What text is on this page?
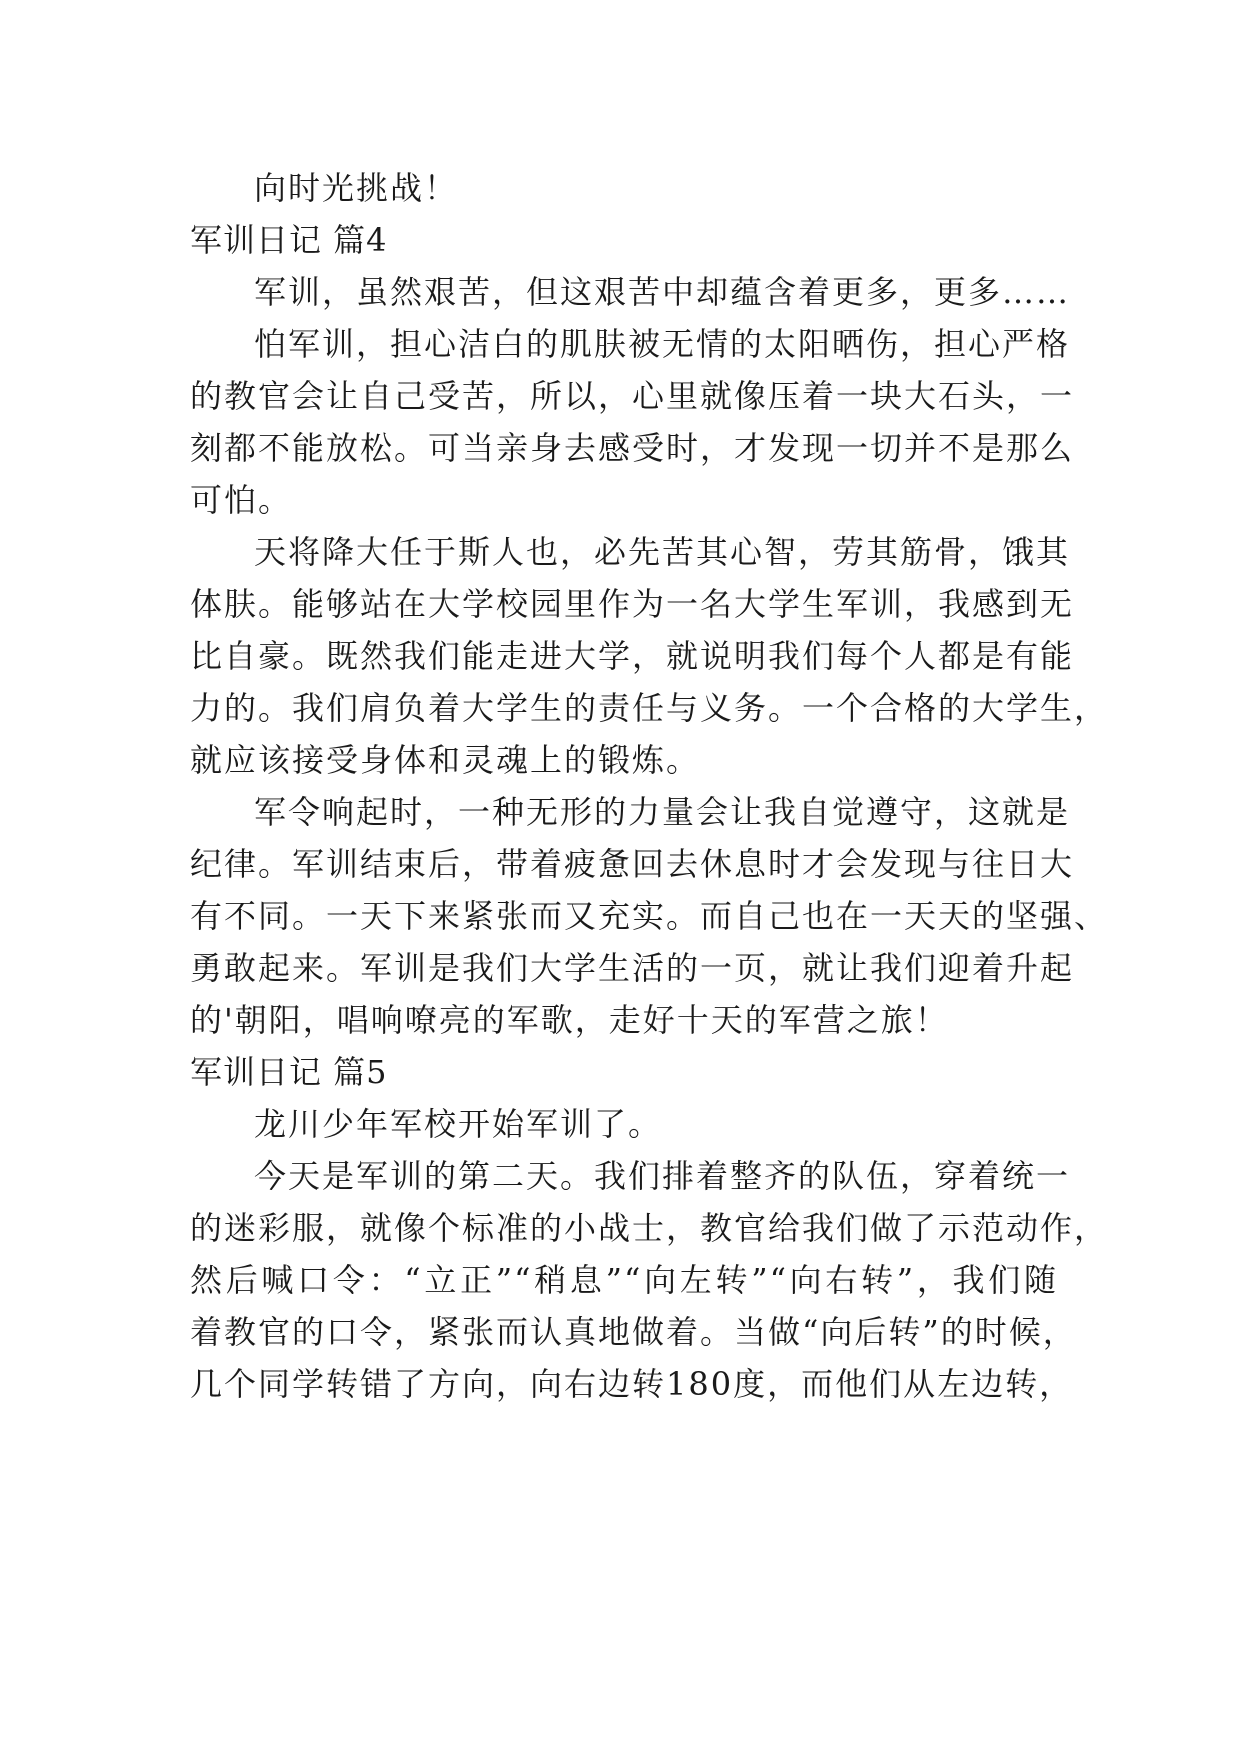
向时光挑战！
军训日记 篇4
军训，虽然艰苦，但这艰苦中却蕴含着更多，更多……
怕军训，担心洁白的肌肤被无情的太阳晒伤，担心严格
的教官会让自己受苦，所以，心里就像压着一块大石头，一
刻都不能放松。可当亲身去感受时，才发现一切并不是那么
可怕。
天将降大任于斯人也，必先苦其心智，劳其筋骨，饿其
体肤。能够站在大学校园里作为一名大学生军训，我感到无
比自豪。既然我们能走进大学，就说明我们每个人都是有能
力的。我们肩负着大学生的责任与义务。一个合格的大学生，
就应该接受身体和灵魂上的锻炼。
军令响起时，一种无形的力量会让我自觉遵守，这就是
纪律。军训结束后，带着疲惫回去休息时才会发现与往日大
有不同。一天下来紧张而又充实。而自己也在一天天的坚强、
勇敢起来。军训是我们大学生活的一页，就让我们迎着升起
的'朝阳，唱响嘹亮的军歌，走好十天的军营之旅！
军训日记 篇5
龙川少年军校开始军训了。
今天是军训的第二天。我们排着整齐的队伍，穿着统一
的迷彩服，就像个标准的小战士，教官给我们做了示范动作，
然后喊口令：“立正”“稍息”“向左转”“向右转”，我们随
着教官的口令，紧张而认真地做着。当做“向后转”的时候，
几个同学转错了方向，向右边转180度，而他们从左边转，
